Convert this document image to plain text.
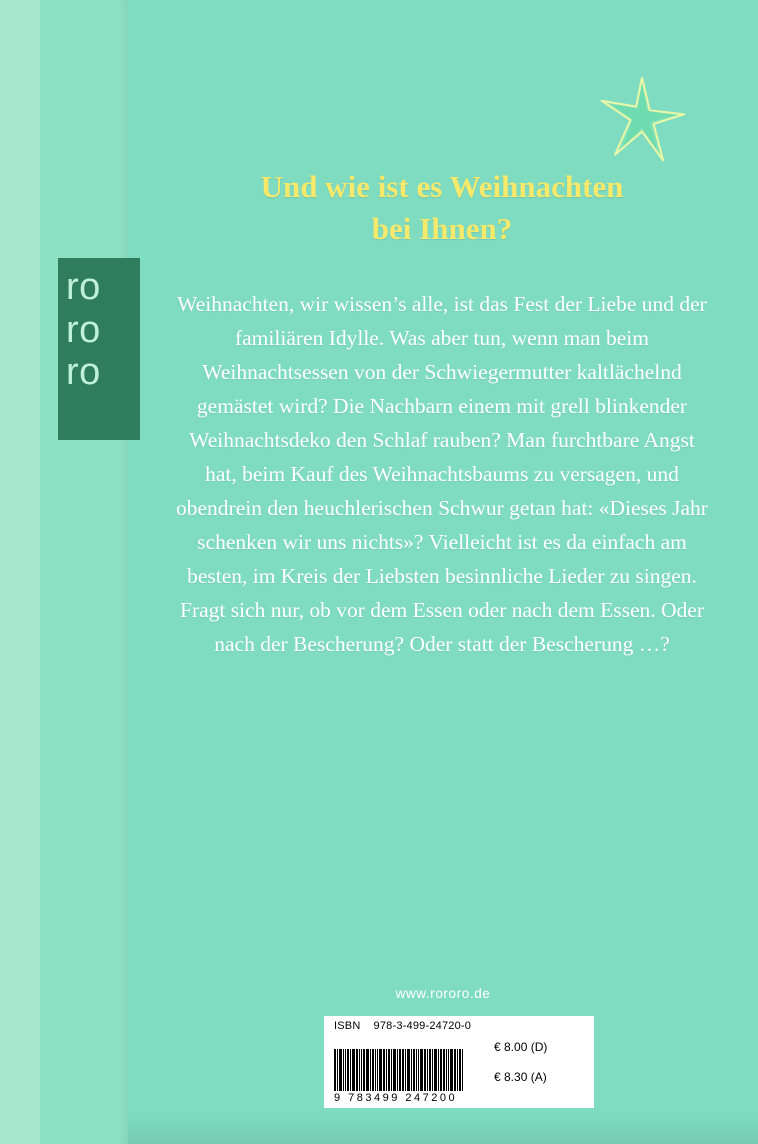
ro
ro
ro
Und wie ist es Weihnachten
bei Ihnen?
Weihnachten, wir wissen’s alle, ist das Fest der Liebe und der familiären Idylle. Was aber tun, wenn man beim Weihnachtsessen von der Schwiegermutter kaltlächelnd gemästet wird? Die Nachbarn einem mit grell blinkender Weihnachtsdeko den Schlaf rauben? Man furchtbare Angst hat, beim Kauf des Weihnachtsbaums zu versagen, und obendrein den heuchlerischen Schwur getan hat: «Dieses Jahr schenken wir uns nichts»? Vielleicht ist es da einfach am besten, im Kreis der Liebsten besinnliche Lieder zu singen. Fragt sich nur, ob vor dem Essen oder nach dem Essen. Oder nach der Bescherung? Oder statt der Bescherung …?
www.rororo.de
ISBN 978-3-499-24720-0
9 783499 247200
€ 8.00 (D)
€ 8.30 (A)
